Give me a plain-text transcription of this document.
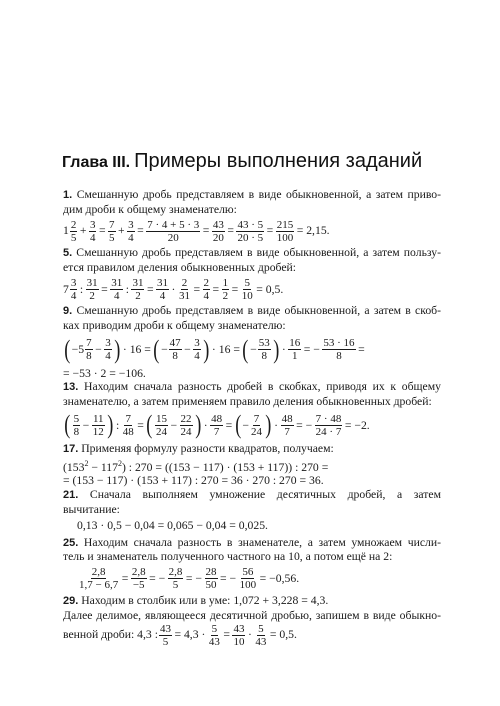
Глава III. Примеры выполнения заданий
1. Смешанную дробь представляем в виде обыкновенной, а затем приво-
дим дроби к общему знаменателю:
$1 \frac{2}{5} + \frac{3}{4} = \frac{7}{5} + \frac{3}{4} = \frac{7 \cdot 4 + 5 \cdot 3}{20} = \frac{43}{20} = \frac{43 \cdot 5}{20 \cdot 5} = \frac{215}{100} = 2,15$.
5. Смешанную дробь представляем в виде обыкновенной, а затем пользу-
ется правилом деления обыкновенных дробей:
$7 \frac{3}{4}$ : $\frac{31}{2} = \frac{31}{4}$ : $\frac{31}{2} = \frac{31}{4} \cdot \frac{2}{31} = \frac{2}{4} = \frac{1}{2} = \frac{5}{10} = 0,5$.
9. Смешанную дробь представляем в виде обыкновенной, а затем в скоб-
ках приводим дроби к общему знаменателю:
( $-5 \frac{7}{8} - \frac{3}{4}$ ) · 16 = ( − $\frac{47}{8} - \frac{3}{4}$ ) · 16 = ( − $\frac{53}{8}$ ) · $\frac{16}{1}$ = − $\frac{53 \cdot 16}{8}$ =
= −53 · 2 = −106.
13. Находим сначала разность дробей в скобках, приводя их к общему
знаменателю, а затем применяем правило деления обыкновенных дробей:
( $\frac{5}{8} - \frac{11}{12}$ ) : $\frac{7}{48}$ = ( $\frac{15}{24} - \frac{22}{24}$ ) · $\frac{48}{7}$ = ( − $\frac{7}{24}$ ) · $\frac{48}{7}$ = − $\frac{7 \cdot 48}{24 \cdot 7} = -2$.
17. Применяя формулу разности квадратов, получаем:
$(153^2 - 117^2)$ : 270 = ((153 − 117) · (153 + 117)) : 270 =
= (153 − 117) · (153 + 117) : 270 = 36 · 270 : 270 = 36.
21. Сначала выполняем умножение десятичных дробей, а затем
вычитание:
0,13 · 0,5 − 0,04 = 0,065 − 0,04 = 0,025.
25. Находим сначала разность в знаменателе, а затем умножаем числи-
тель и знаменатель полученного частного на 10, а потом ещё на 2:
$\frac{2,8}{1,7 - 6,7} = \frac{2,8}{-5}$ = − $\frac{2,8}{5}$ = − $\frac{28}{50}$ = − $\frac{56}{100} = -0,56$.
29. Находим в столбик или в уме: 1,072 + 3,228 = 4,3.
Далее делимое, являющееся десятичной дробью, запишем в виде обыкно-
венной дроби: 4,3 : $\frac{43}{5} = 4,3 \cdot \frac{5}{43} = \frac{43}{10} \cdot \frac{5}{43} = 0,5$.
